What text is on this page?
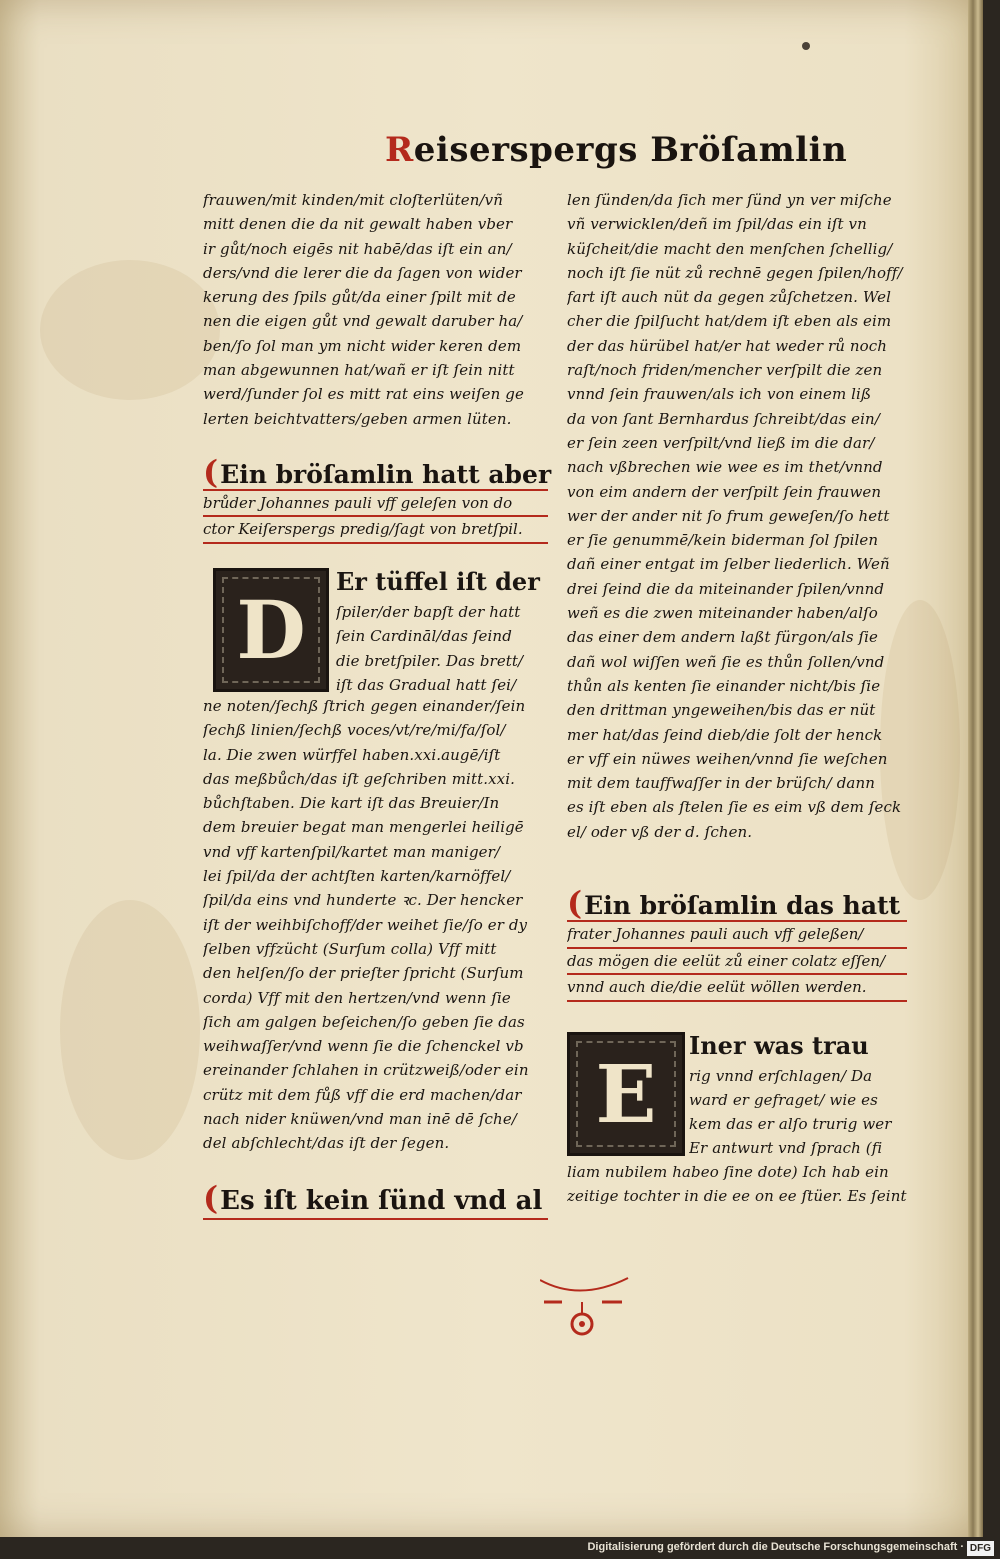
Reiserspergs Bröſamlin
frauwen/mit kinden/mit cloſterlüten/vñ
mitt denen die da nit gewalt haben vber
ir gůt/noch eigēs nit habē/das iſt ein an/
ders/vnd die lerer die da ſagen von wider
kerung des ſpils gůt/da einer ſpilt mit de
nen die eigen gůt vnd gewalt daruber ha/
ben/ſo ſol man ym nicht wider keren dem
man abgewunnen hat/wañ er iſt ſein nitt
werd/ſunder ſol es mitt rat eins weiſen ge
lerten beichtvatters/geben armen lüten.
(Ein bröſamlin hatt aber
brůder Johannes pauli vff geleſen von do
ctor Keiſerspergs predig/ſagt von bretſpil.
D
Er tüffel iſt der
ſpiler/der bapſt der hatt
ſein Cardināl/das ſeind
die bretſpiler. Das brett/
iſt das Gradual hatt ſei/
ne noten/ſechß ſtrich gegen einander/ſein
ſechß linien/ſechß voces/vt/re/mi/fa/ſol/
la. Die zwen würffel haben.xxi.augē/iſt
das meßbůch/das iſt geſchriben mitt.xxi.
bůchſtaben. Die kart iſt das Breuier/In
dem breuier begat man mengerlei heiligē
vnd vff kartenſpil/kartet man maniger/
lei ſpil/da der achtſten karten/karnöffel/
ſpil/da eins vnd hunderte ꝛc. Der hencker
iſt der weihbiſchoff/der weihet ſie/ſo er dy
ſelben vffzücht (Surſum colla) Vff mitt
den helſen/ſo der prieſter ſpricht (Surſum
corda) Vff mit den hertzen/vnd wenn ſie
ſich am galgen beſeichen/ſo geben ſie das
weihwaſſer/vnd wenn ſie die ſchenckel vb
ereinander ſchlahen in crützweiß/oder ein
crütz mit dem fůß vff die erd machen/dar
nach nider knüwen/vnd man inē dē ſche/
del abſchlecht/das iſt der ſegen.
(Es iſt kein ſünd vnd al
len ſünden/da ſich mer ſünd yn ver miſche
vñ verwicklen/deñ im ſpil/das ein iſt vn
küſcheit/die macht den menſchen ſchellig/
noch iſt ſie nüt zů rechnē gegen ſpilen/hoff/
fart iſt auch nüt da gegen zůſchetzen. Wel
cher die ſpilſucht hat/dem iſt eben als eim
der das hürübel hat/er hat weder rů noch
raſt/noch friden/mencher verſpilt die zen
vnnd ſein frauwen/als ich von einem liß
da von ſant Bernhardus ſchreibt/das ein/
er ſein zeen verſpilt/vnd ließ im die dar/
nach vßbrechen wie wee es im thet/vnnd
von eim andern der verſpilt ſein frauwen
wer der ander nit ſo frum geweſen/ſo hett
er ſie genummē/kein biderman ſol ſpilen
dañ einer entgat im ſelber liederlich. Weñ
drei ſeind die da miteinander ſpilen/vnnd
weñ es die zwen miteinander haben/alſo
das einer dem andern laßt fürgon/als ſie
dañ wol wiſſen weñ ſie es thůn ſollen/vnd
thůn als kenten ſie einander nicht/bis ſie
den drittman yngeweihen/bis das er nüt
mer hat/das ſeind dieb/die ſolt der henck
er vff ein nüwes weihen/vnnd ſie weſchen
mit dem tauffwaſſer in der brüſch/ dann
es iſt eben als ſtelen ſie es eim vß dem ſeck
el/ oder vß der d. ſchen.
(Ein bröſamlin das hatt
frater Johannes pauli auch vff geleßen/
das mögen die eelüt zů einer colatz eſſen/
vnnd auch die/die eelüt wöllen werden.
E
Iner was trau
rig vnnd erſchlagen/ Da
ward er gefraget/ wie es
kem das er alſo trurig wer
Er antwurt vnd ſprach (fi
liam nubilem habeo ſine dote) Ich hab ein
zeitige tochter in die ee on ee ſtüer. Es ſeint
Digitalisierung gefördert durch die Deutsche Forschungsgemeinschaft · DFG
